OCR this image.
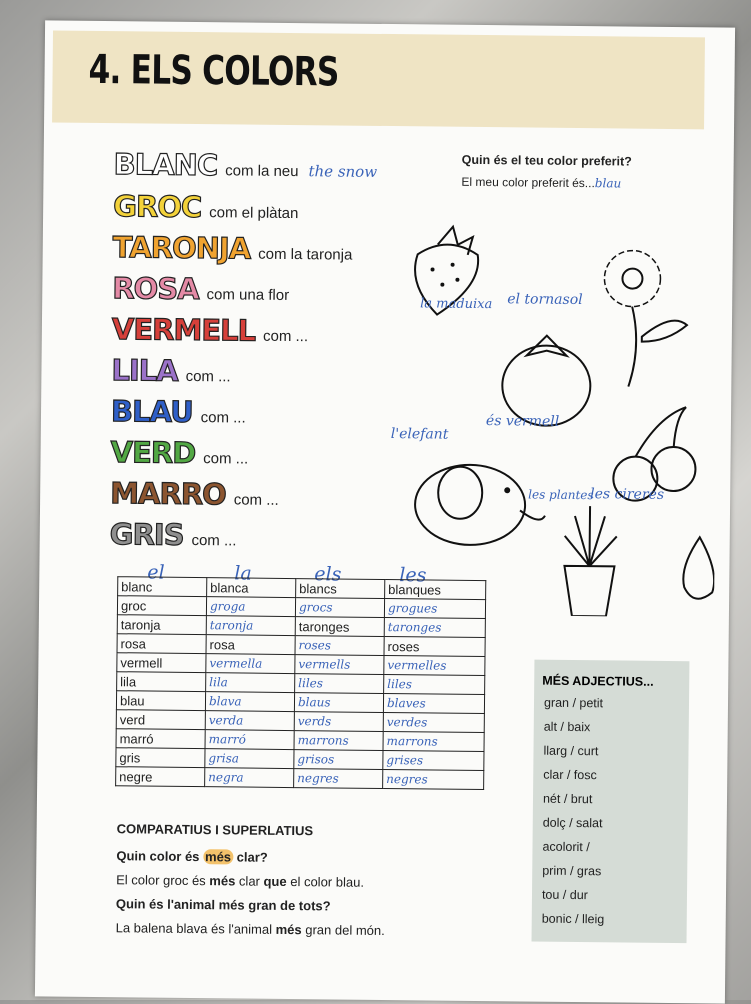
4. ELS COLORS
BLANC com la neu the snow
GROC com el plàtan
TARONJA com la taronja
ROSA com una flor
VERMELL com ...
LILA com ...
BLAU com ...
VERD com ...
MARRO com ...
GRIS com ...
Quin és el teu color preferit?
El meu color preferit és...blau
la maduixa el tornasol
és vermell
l'elefant
les plantes
les cireres
el	la	els	les
blanc	blanca	blancs	blanques
groc	groga	grocs	grogues
taronja	taronja	taronges	taronges
rosa	rosa	roses	roses
vermell	vermella	vermells	vermelles
lila	lila	liles	liles
blau	blava	blaus	blaves
verd	verda	verds	verdes
marró	marró	marrons	marrons
gris	grisa	grisos	grises
negre	negra	negres	negres
COMPARATIUS I SUPERLATIUS

Quin color és més clar?

El color groc és més clar que el color blau.

Quin és l'animal més gran de tots?

La balena blava és l'animal més gran del món.

MÉS ADJECTIUS...
gran / petit
alt / baix
llarg / curt
clar / fosc
nét / brut
dolç / salat
acolorit /
prim / gras
tou / dur
bonic / lleig
